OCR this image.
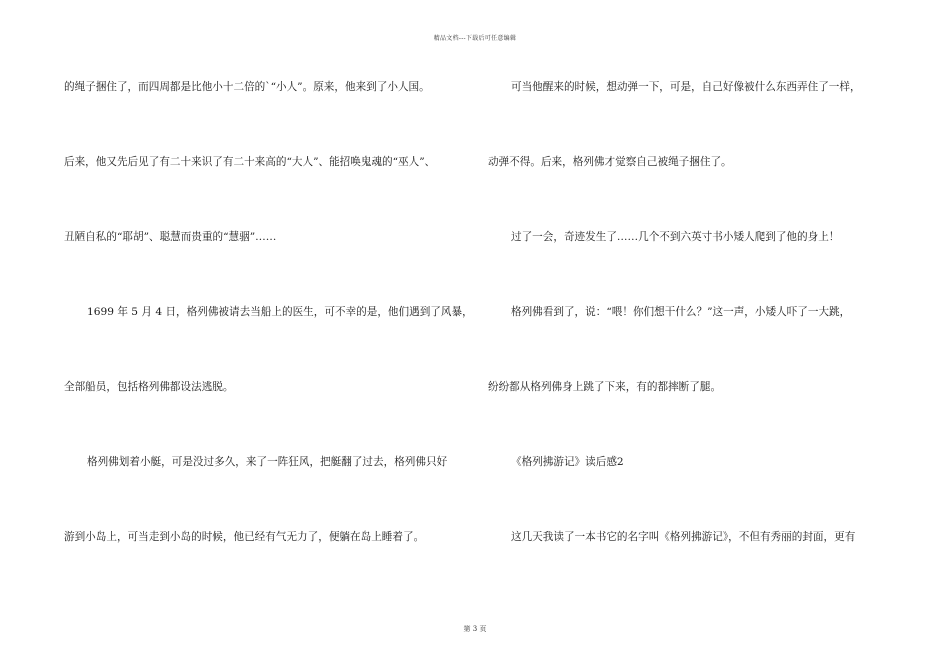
精品文档---下载后可任意编辑
的绳子捆住了，而四周都是比他小十二倍的`“小人”。原来，他来到了小人国。
后来，他又先后见了有二十来识了有二十来高的“大人”、能招唤鬼魂的“巫人”、
丑陋自私的“耶胡”、聪慧而贵重的“慧骃”……
1699 年 5 月 4 日，格列佛被请去当船上的医生，可不幸的是，他们遇到了风暴，
全部船员，包括格列佛都设法逃脱。
格列佛划着小艇，可是没过多久，来了一阵狂风，把艇翻了过去，格列佛只好
游到小岛上，可当走到小岛的时候，他已经有气无力了，便躺在岛上睡着了。
可当他醒来的时候，想动弹一下，可是，自己好像被什么东西弄住了一样，
动弹不得。后来，格列佛才觉察自己被绳子捆住了。
过了一会，奇迹发生了……几个不到六英寸书小矮人爬到了他的身上！
格列佛看到了，说：“喂！你们想干什么？”这一声，小矮人吓了一大跳，
纷纷都从格列佛身上跳了下来，有的都摔断了腿。
《格列拂游记》读后感2
这几天我读了一本书它的名字叫《格列拂游记》，不但有秀丽的封面，更有
第 3 页
